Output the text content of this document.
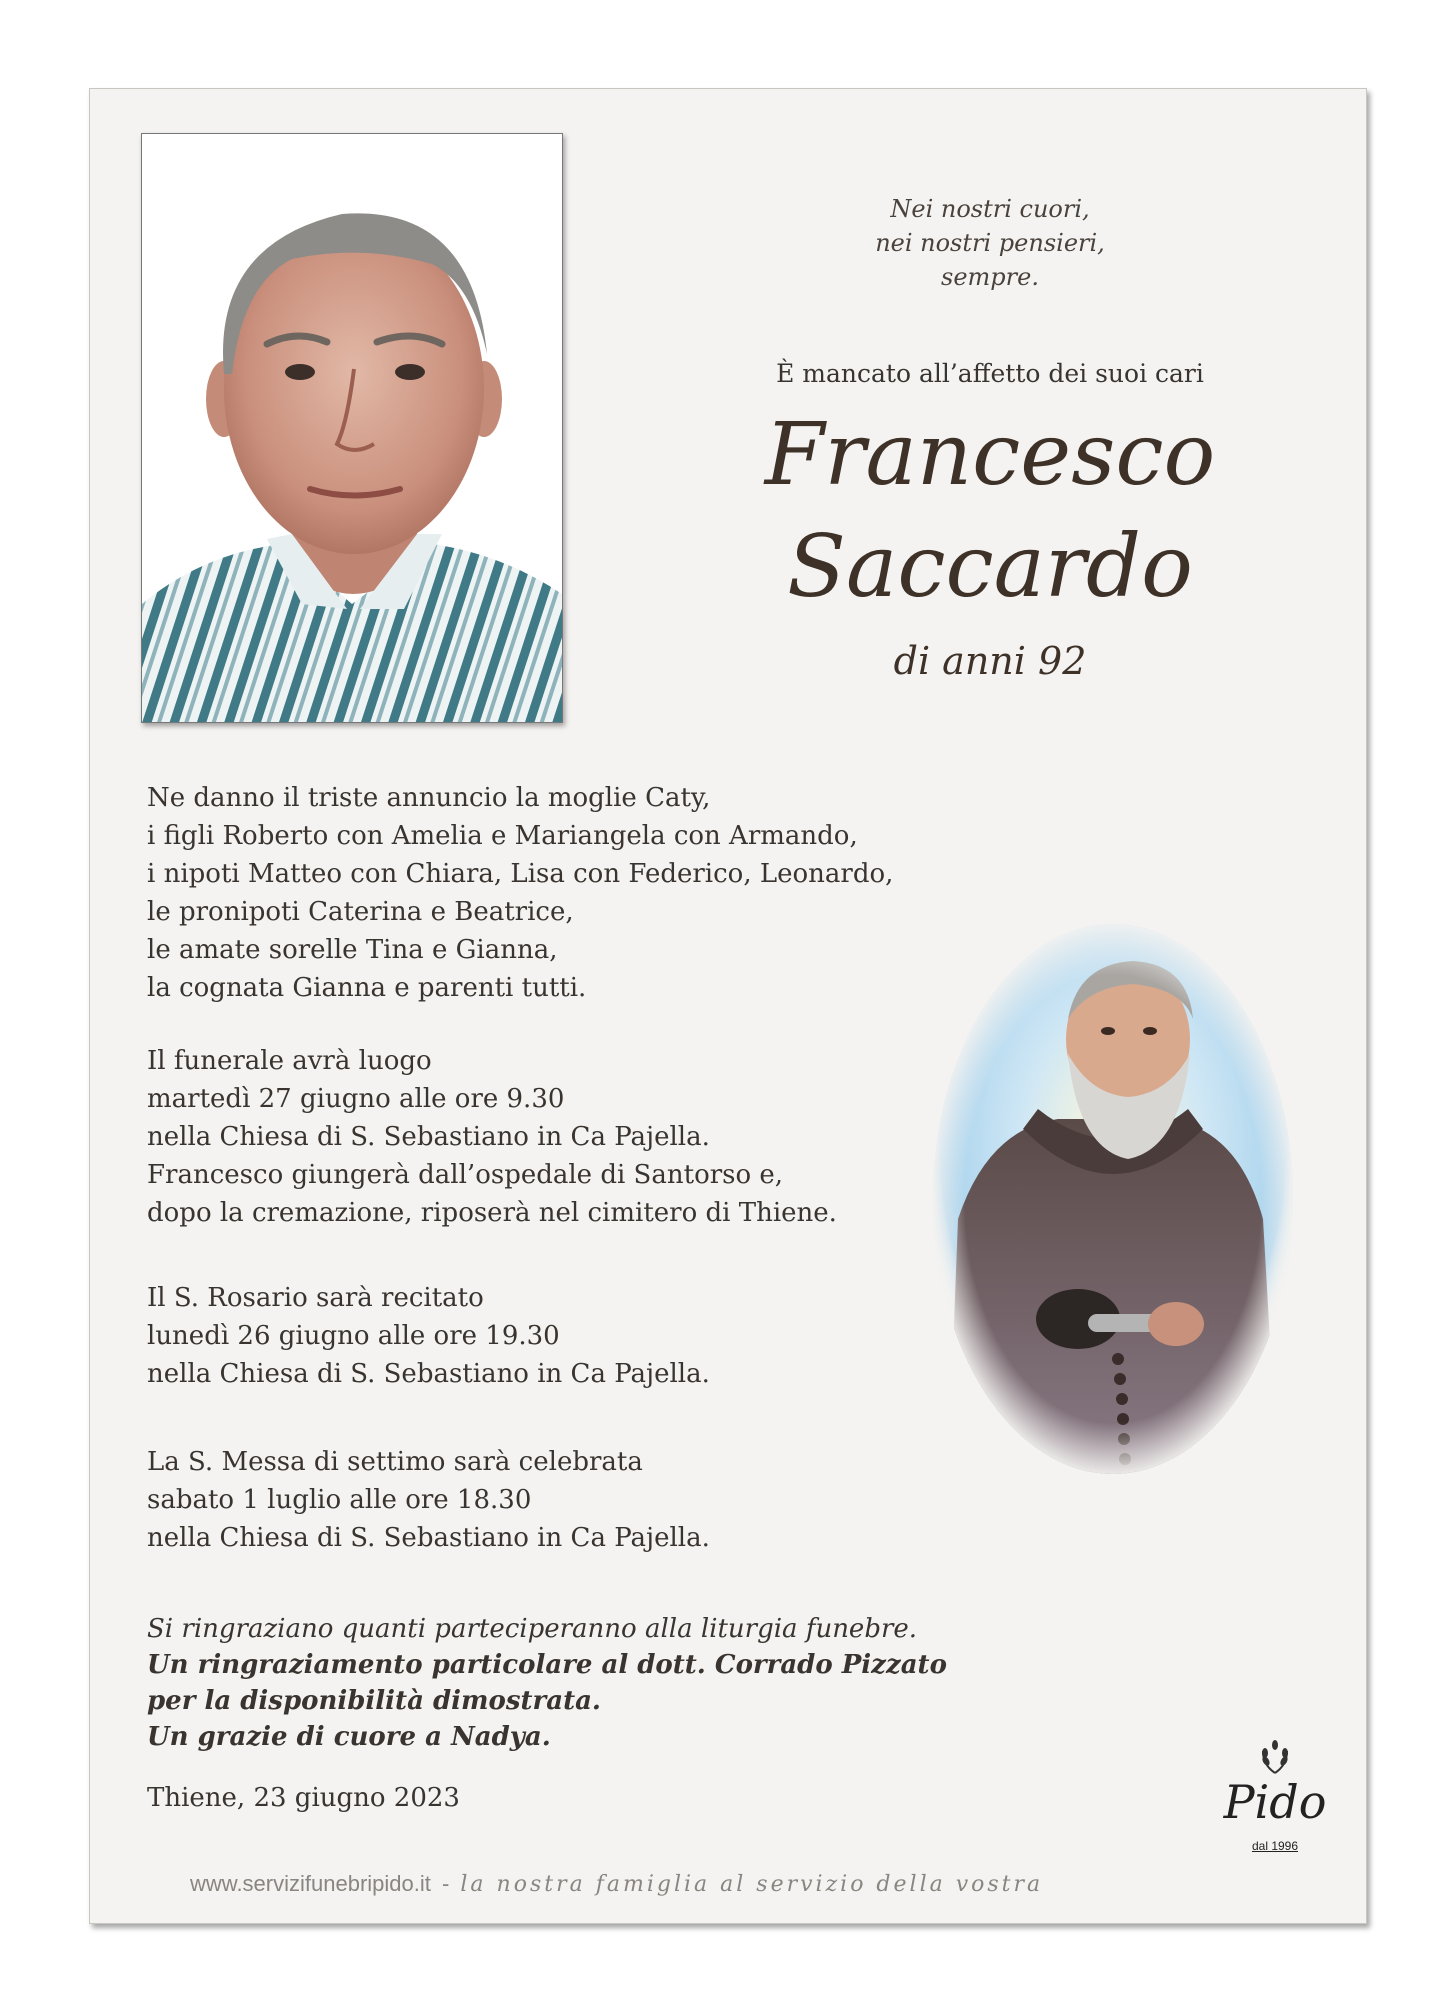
Nei nostri cuori,
nei nostri pensieri,
sempre.
È mancato all’affetto dei suoi cari
Francesco
Saccardo
di anni 92
Ne danno il triste annuncio la moglie Caty,
i figli Roberto con Amelia e Mariangela con Armando,
i nipoti Matteo con Chiara, Lisa con Federico, Leonardo,
le pronipoti Caterina e Beatrice,
le amate sorelle Tina e Gianna,
la cognata Gianna e parenti tutti.
Il funerale avrà luogo
martedì 27 giugno alle ore 9.30
nella Chiesa di S. Sebastiano in Ca Pajella.
Francesco giungerà dall’ospedale di Santorso e,
dopo la cremazione, riposerà nel cimitero di Thiene.
Il S. Rosario sarà recitato
lunedì 26 giugno alle ore 19.30
nella Chiesa di S. Sebastiano in Ca Pajella.
La S. Messa di settimo sarà celebrata
sabato 1 luglio alle ore 18.30
nella Chiesa di S. Sebastiano in Ca Pajella.
Si ringraziano quanti parteciperanno alla liturgia funebre.
Un ringraziamento particolare al dott. Corrado Pizzato
per la disponibilità dimostrata.
Un grazie di cuore a Nadya.
Thiene, 23 giugno 2023	Pido
dal 1996
www.servizifunebripido.it - la nostra famiglia al servizio della vostra
